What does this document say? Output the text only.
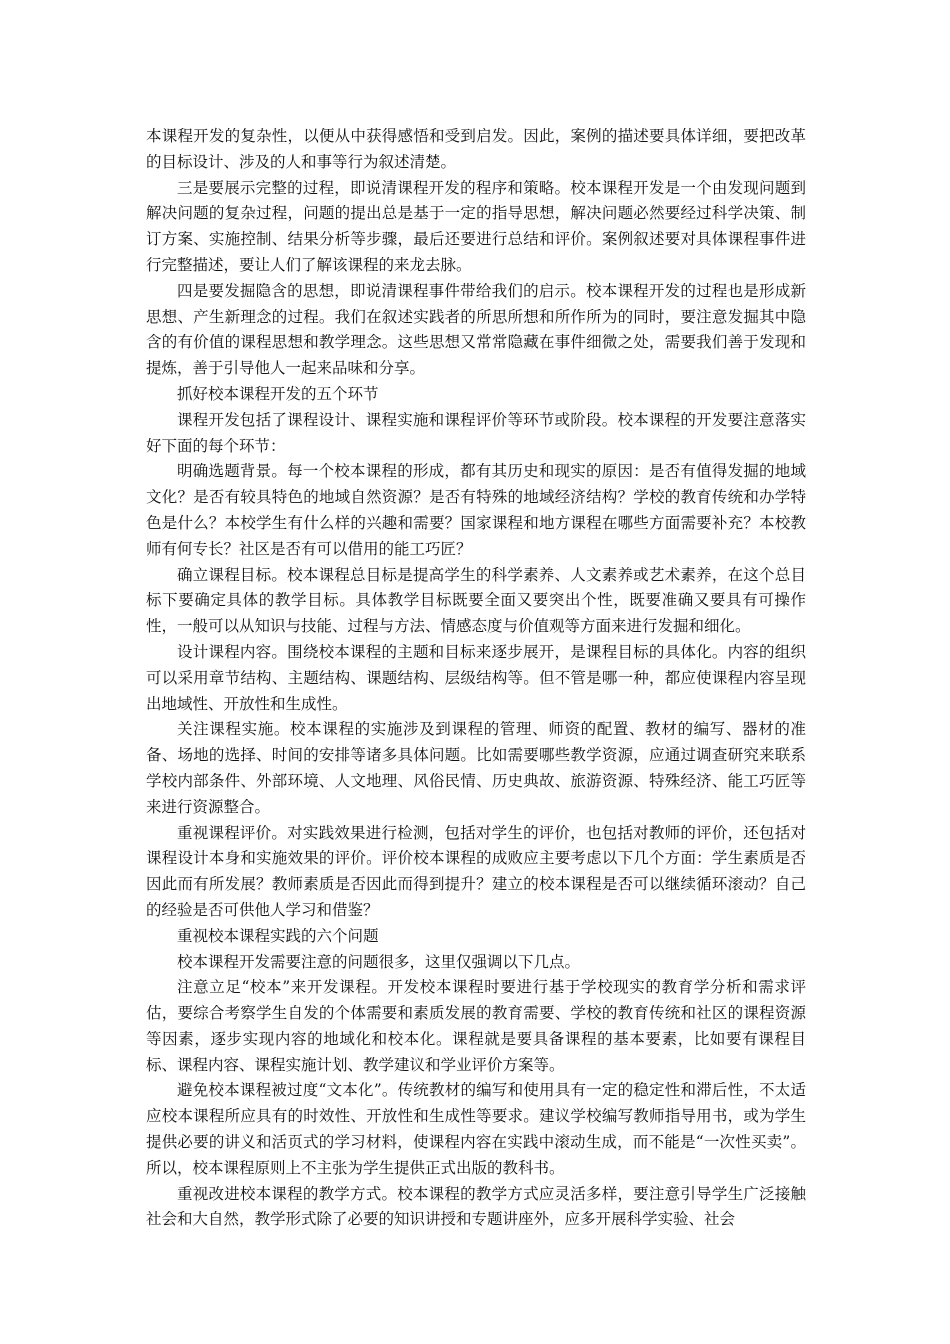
本课程开发的复杂性，以便从中获得感悟和受到启发。因此，案例的描述要具体详细，要把改革的目标设计、涉及的人和事等行为叙述清楚。

三是要展示完整的过程，即说清课程开发的程序和策略。校本课程开发是一个由发现问题到解决问题的复杂过程，问题的提出总是基于一定的指导思想，解决问题必然要经过科学决策、制订方案、实施控制、结果分析等步骤，最后还要进行总结和评价。案例叙述要对具体课程事件进行完整描述，要让人们了解该课程的来龙去脉。

四是要发掘隐含的思想，即说清课程事件带给我们的启示。校本课程开发的过程也是形成新思想、产生新理念的过程。我们在叙述实践者的所思所想和所作所为的同时，要注意发掘其中隐含的有价值的课程思想和教学理念。这些思想又常常隐藏在事件细微之处，需要我们善于发现和提炼，善于引导他人一起来品味和分享。

抓好校本课程开发的五个环节

课程开发包括了课程设计、课程实施和课程评价等环节或阶段。校本课程的开发要注意落实好下面的每个环节：

明确选题背景。每一个校本课程的形成，都有其历史和现实的原因：是否有值得发掘的地域文化？是否有较具特色的地域自然资源？是否有特殊的地域经济结构？学校的教育传统和办学特色是什么？本校学生有什么样的兴趣和需要？国家课程和地方课程在哪些方面需要补充？本校教师有何专长？社区是否有可以借用的能工巧匠？

确立课程目标。校本课程总目标是提高学生的科学素养、人文素养或艺术素养，在这个总目标下要确定具体的教学目标。具体教学目标既要全面又要突出个性，既要准确又要具有可操作性，一般可以从知识与技能、过程与方法、情感态度与价值观等方面来进行发掘和细化。

设计课程内容。围绕校本课程的主题和目标来逐步展开，是课程目标的具体化。内容的组织可以采用章节结构、主题结构、课题结构、层级结构等。但不管是哪一种，都应使课程内容呈现出地域性、开放性和生成性。

关注课程实施。校本课程的实施涉及到课程的管理、师资的配置、教材的编写、器材的准备、场地的选择、时间的安排等诸多具体问题。比如需要哪些教学资源，应通过调查研究来联系学校内部条件、外部环境、人文地理、风俗民情、历史典故、旅游资源、特殊经济、能工巧匠等来进行资源整合。

重视课程评价。对实践效果进行检测，包括对学生的评价，也包括对教师的评价，还包括对课程设计本身和实施效果的评价。评价校本课程的成败应主要考虑以下几个方面：学生素质是否因此而有所发展？教师素质是否因此而得到提升？建立的校本课程是否可以继续循环滚动？自己的经验是否可供他人学习和借鉴？

重视校本课程实践的六个问题

校本课程开发需要注意的问题很多，这里仅强调以下几点。

注意立足“校本”来开发课程。开发校本课程时要进行基于学校现实的教育学分析和需求评估，要综合考察学生自发的个体需要和素质发展的教育需要、学校的教育传统和社区的课程资源等因素，逐步实现内容的地域化和校本化。课程就是要具备课程的基本要素，比如要有课程目标、课程内容、课程实施计划、教学建议和学业评价方案等。

避免校本课程被过度“文本化”。传统教材的编写和使用具有一定的稳定性和滞后性，不太适应校本课程所应具有的时效性、开放性和生成性等要求。建议学校编写教师指导用书，或为学生提供必要的讲义和活页式的学习材料，使课程内容在实践中滚动生成，而不能是“一次性买卖”。所以，校本课程原则上不主张为学生提供正式出版的教科书。

重视改进校本课程的教学方式。校本课程的教学方式应灵活多样，要注意引导学生广泛接触社会和大自然，教学形式除了必要的知识讲授和专题讲座外，应多开展科学实验、社会
